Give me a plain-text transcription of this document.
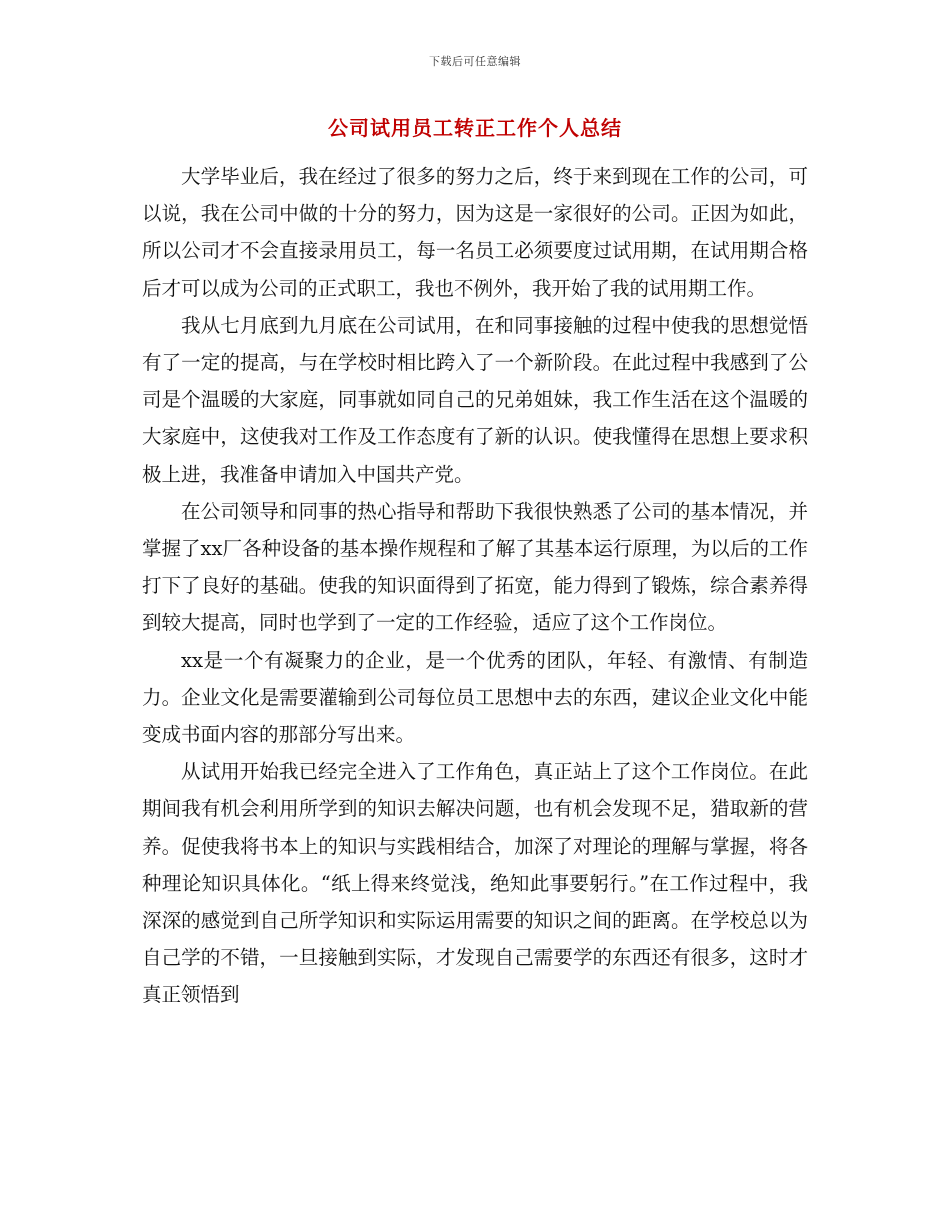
下载后可任意编辑
公司试用员工转正工作个人总结

大学毕业后，我在经过了很多的努力之后，终于来到现在工作的公司，可以说，我在公司中做的十分的努力，因为这是一家很好的公司。正因为如此，所以公司才不会直接录用员工，每一名员工必须要度过试用期，在试用期合格后才可以成为公司的正式职工，我也不例外，我开始了我的试用期工作。

我从七月底到九月底在公司试用，在和同事接触的过程中使我的思想觉悟有了一定的提高，与在学校时相比跨入了一个新阶段。在此过程中我感到了公司是个温暖的大家庭，同事就如同自己的兄弟姐妹，我工作生活在这个温暖的大家庭中，这使我对工作及工作态度有了新的认识。使我懂得在思想上要求积极上进，我准备申请加入中国共产党。

在公司领导和同事的热心指导和帮助下我很快熟悉了公司的基本情况，并掌握了xx厂各种设备的基本操作规程和了解了其基本运行原理，为以后的工作打下了良好的基础。使我的知识面得到了拓宽，能力得到了锻炼，综合素养得到较大提高，同时也学到了一定的工作经验，适应了这个工作岗位。

xx是一个有凝聚力的企业，是一个优秀的团队，年轻、有激情、有制造力。企业文化是需要灌输到公司每位员工思想中去的东西，建议企业文化中能变成书面内容的那部分写出来。

从试用开始我已经完全进入了工作角色，真正站上了这个工作岗位。在此期间我有机会利用所学到的知识去解决问题，也有机会发现不足，猎取新的营养。促使我将书本上的知识与实践相结合，加深了对理论的理解与掌握，将各种理论知识具体化。“纸上得来终觉浅，绝知此事要躬行。”在工作过程中，我深深的感觉到自己所学知识和实际运用需要的知识之间的距离。在学校总以为自己学的不错，一旦接触到实际，才发现自己需要学的东西还有很多，这时才真正领悟到
